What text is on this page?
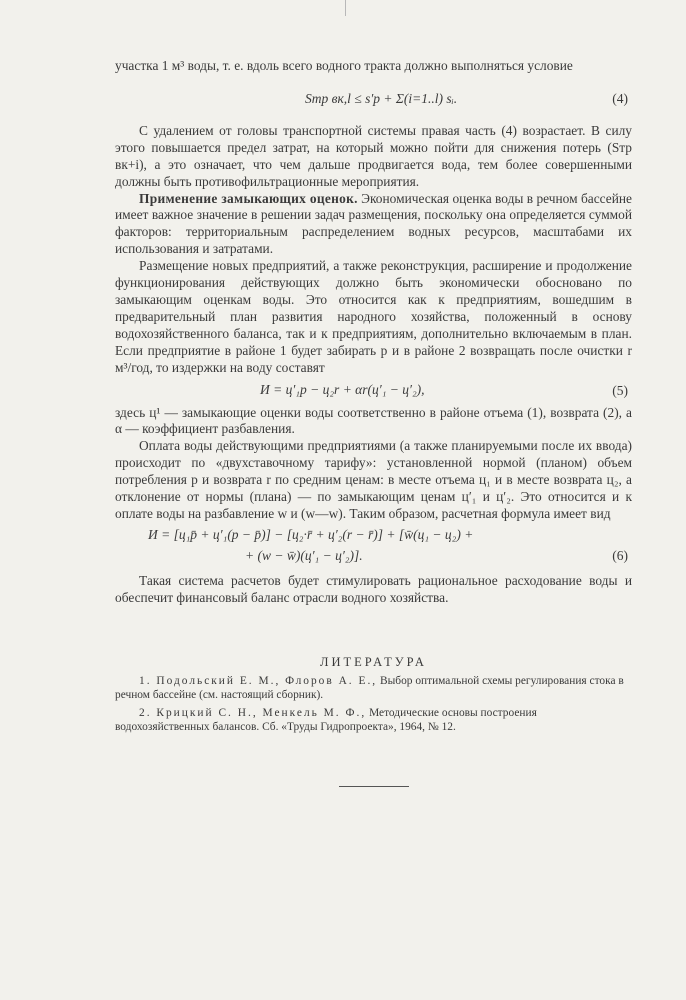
участка 1 м³ воды, т. е. вдоль всего водного тракта должно выполняться условие

Sтр вк,l ≤ s′p + Σ(i=1..l) sᵢ.	(4)

С удалением от головы транспортной системы правая часть (4) возрастает. В силу этого повышается предел затрат, на который можно пойти для снижения потерь (Sтр вк+i), а это означает, что чем дальше продвигается вода, тем более совершенными должны быть противофильтрационные мероприятия.

Применение замыкающих оценок. Экономическая оценка воды в речном бассейне имеет важное значение в решении задач размещения, поскольку она определяется суммой факторов: территориальным распределением водных ресурсов, масштабами их использования и затратами.

Размещение новых предприятий, а также реконструкция, расширение и продолжение функционирования действующих должно быть экономически обосновано по замыкающим оценкам воды. Это относится как к предприятиям, вошедшим в предварительный план развития народного хозяйства, положенный в основу водохозяйственного баланса, так и к предприятиям, дополнительно включаемым в план. Если предприятие в районе 1 будет забирать p и в районе 2 возвращать после очистки r м³/год, то издержки на воду составят

И = ц′₁p − ц₂r + αr(ц′₁ − ц′₂),	(5)

здесь ц¹ — замыкающие оценки воды соответственно в районе отъема (1), возврата (2), а α — коэффициент разбавления.

Оплата воды действующими предприятиями (а также планируемыми после их ввода) происходит по «двухставочному тарифу»: установленной нормой (планом) объем потребления p и возврата r по средним ценам: в месте отъема ц₁ и в месте возврата ц₂, а отклонение от нормы (плана) — по замыкающим ценам ц′₁ и ц′₂. Это относится и к оплате воды на разбавление w и (w—w). Таким образом, расчетная формула имеет вид

И = [ц₁p̄ + ц′₁(p − p̄)] − [ц₂·r̄ + ц′₂(r − r̄)] + [w̄(ц₁ − ц₂) +
+ (w − w̄)(ц′₁ − ц′₂)].	(6)

Такая система расчетов будет стимулировать рациональное расходование воды и обеспечит финансовый баланс отрасли водного хозяйства.

ЛИТЕРАТУРА

1. Подольский Е. М., Флоров А. Е., Выбор оптимальной схемы регулирования стока в речном бассейне (см. настоящий сборник).

2. Крицкий С. Н., Менкель М. Ф., Методические основы построения водохозяйственных балансов. Сб. «Труды Гидропроекта», 1964, № 12.
